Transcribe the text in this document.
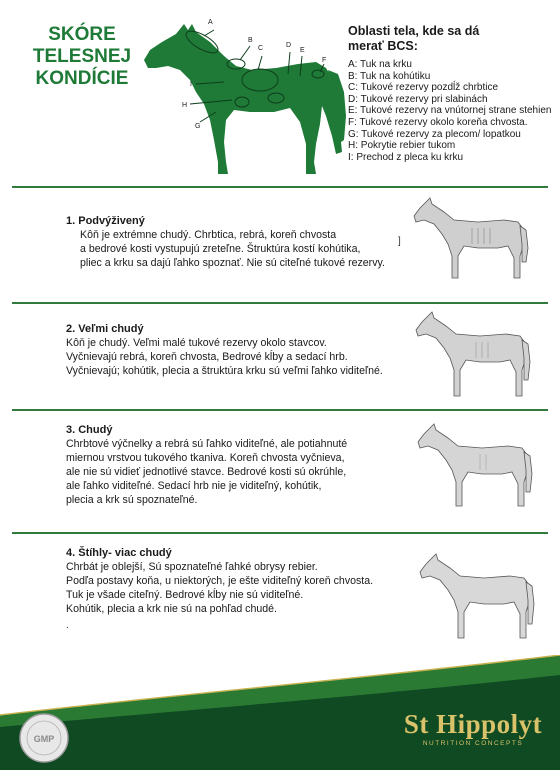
SKÓRE
TELESNEJ
KONDÍCIE
A
B
C	D
E
F
G
H
I
Oblasti tela, kde sa dá
merať BCS:
A: Tuk na krku
B: Tuk na kohútiku
C: Tukové rezervy pozdĺž chrbtice
D: Tukové rezervy pri slabinách
E: Tukové rezervy na vnútornej strane stehien
F: Tukové rezervy okolo koreňa chvosta.
G: Tukové rezervy za plecom/ lopatkou
H: Pokrytie rebier tukom
I: Prechod z pleca ku krku
1. Podvýživený
Kôň je extrémne chudý. Chrbtica, rebrá, koreň chvosta
a bedrové kosti vystupujú zreteľne. Štruktúra kostí kohútika,
pliec a krku sa dajú ľahko spoznať. Nie sú citeľné tukové rezervy.
]
2. Veľmi chudý
Kôň je chudý. Veľmi malé tukové rezervy okolo stavcov.
Vyčnievajú rebrá, koreň chvosta, Bedrové kĺby a sedací hrb.
Vyčnievajú; kohútik, plecia a štruktúra krku sú veľmi ľahko viditeľné.
3. Chudý
Chrbtové výčnelky a rebrá sú ľahko viditeľné, ale potiahnuté
miernou vrstvou tukového tkaniva. Koreň chvosta vyčnieva,
ale nie sú vidieť jednotlivé stavce. Bedrové kosti sú okrúhle,
ale ľahko viditeľné. Sedací hrb nie je viditeľný, kohútik,
plecia a krk sú spoznateľné.
4. Štíhly- viac chudý
Chrbát je oblejší, Sú spoznateľné ľahké obrysy rebier.
Podľa postavy koňa, u niektorých, je ešte viditeľný koreň chvosta.
Tuk je všade citeľný. Bedrové kĺby nie sú viditeľné.
Kohútik, plecia a krk nie sú na pohľad chudé.
.
GMP	St Hippolyt
NUTRITION CONCEPTS
